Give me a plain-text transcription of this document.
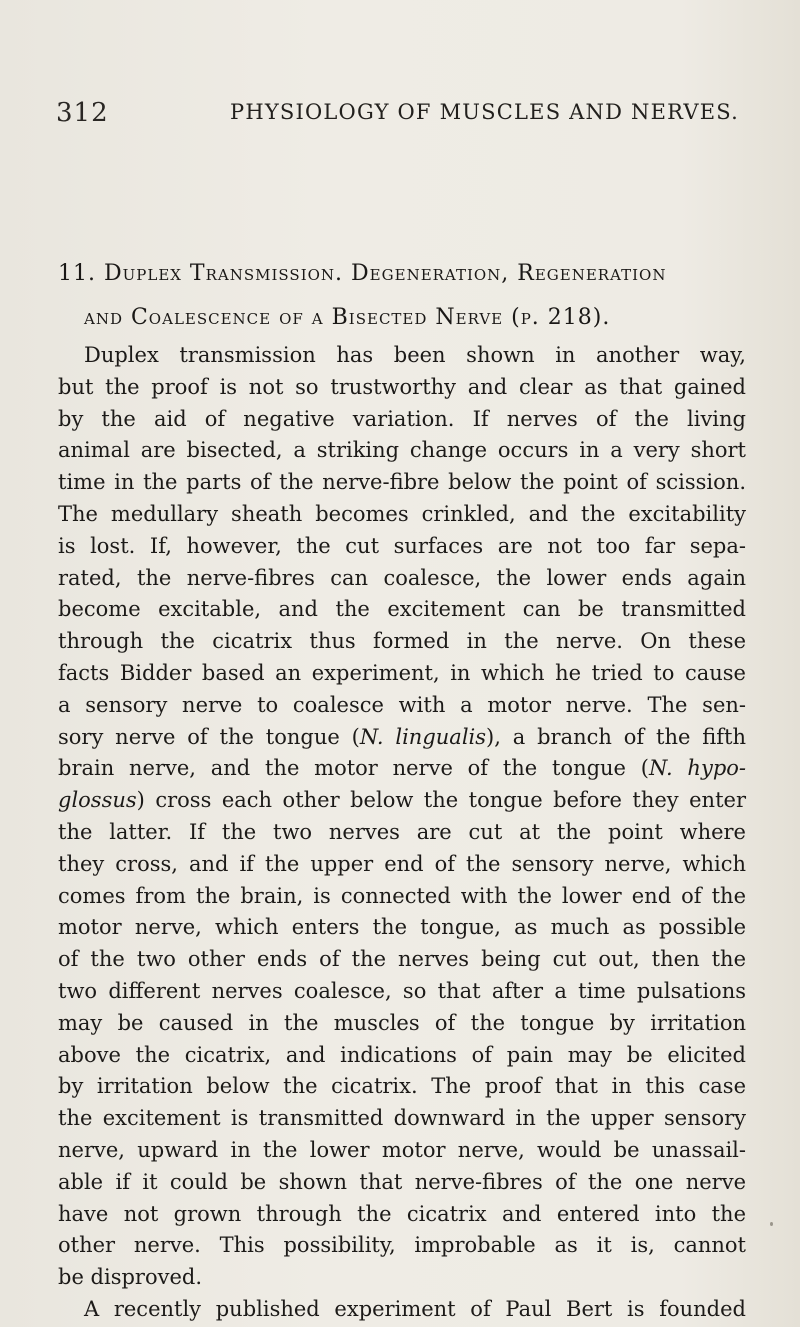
312	PHYSIOLOGY OF MUSCLES AND NERVES.
11. Duplex Transmission. Degeneration, Regeneration
and Coalescence of a Bisected Nerve (p. 218).
Duplex transmission has been shown in another way,
but the proof is not so trustworthy and clear as that gained
by the aid of negative variation. If nerves of the living
animal are bisected, a striking change occurs in a very short
time in the parts of the nerve-fibre below the point of scission.
The medullary sheath becomes crinkled, and the excitability
is lost. If, however, the cut surfaces are not too far sepa-
rated, the nerve-fibres can coalesce, the lower ends again
become excitable, and the excitement can be transmitted
through the cicatrix thus formed in the nerve. On these
facts Bidder based an experiment, in which he tried to cause
a sensory nerve to coalesce with a motor nerve. The sen-
sory nerve of the tongue (N. lingualis), a branch of the fifth
brain nerve, and the motor nerve of the tongue (N. hypo-
glossus) cross each other below the tongue before they enter
the latter. If the two nerves are cut at the point where
they cross, and if the upper end of the sensory nerve, which
comes from the brain, is connected with the lower end of the
motor nerve, which enters the tongue, as much as possible
of the two other ends of the nerves being cut out, then the
two different nerves coalesce, so that after a time pulsations
may be caused in the muscles of the tongue by irritation
above the cicatrix, and indications of pain may be elicited
by irritation below the cicatrix. The proof that in this case
the excitement is transmitted downward in the upper sensory
nerve, upward in the lower motor nerve, would be unassail-
able if it could be shown that nerve-fibres of the one nerve
have not grown through the cicatrix and entered into the
other nerve. This possibility, improbable as it is, cannot
be disproved.
A recently published experiment of Paul Bert is founded
